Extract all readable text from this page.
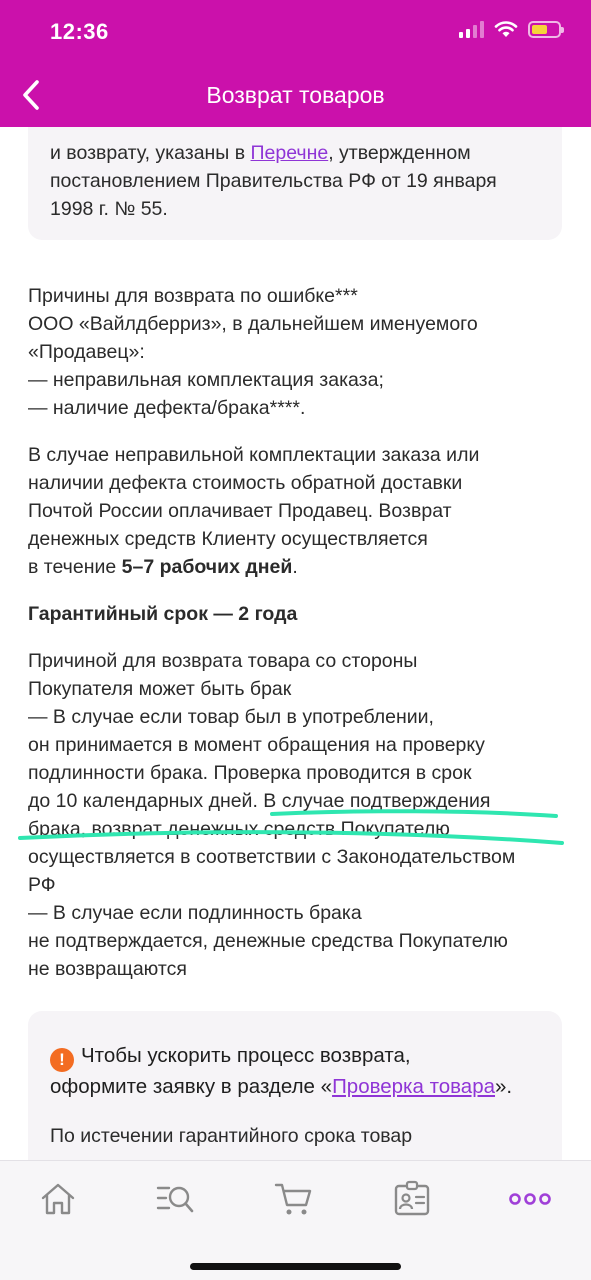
12:36
Возврат товаров
и возврату, указаны в Перечне, утвержденном
постановлением Правительства РФ от 19 января
1998 г. № 55.
Причины для возврата по ошибке***
ООО «Вайлдберриз», в дальнейшем именуемого
«Продавец»:
— неправильная комплектация заказа;
— наличие дефекта/брака****.
В случае неправильной комплектации заказа или
наличии дефекта стоимость обратной доставки
Почтой России оплачивает Продавец. Возврат
денежных средств Клиенту осуществляется
в течение 5–7 рабочих дней.
Гарантийный срок — 2 года
Причиной для возврата товара со стороны
Покупателя может быть брак
— В случае если товар был в употреблении,
он принимается в момент обращения на проверку
подлинности брака. Проверка проводится в срок
до 10 календарных дней. В случае подтверждения
брака, возврат денежных средств Покупателю
осуществляется в соответствии с Законодательством
РФ
— В случае если подлинность брака
не подтверждается, денежные средства Покупателю
не возвращаются
! Чтобы ускорить процесс возврата,
оформите заявку в разделе «Проверка товара».
По истечении гарантийного срока товар
